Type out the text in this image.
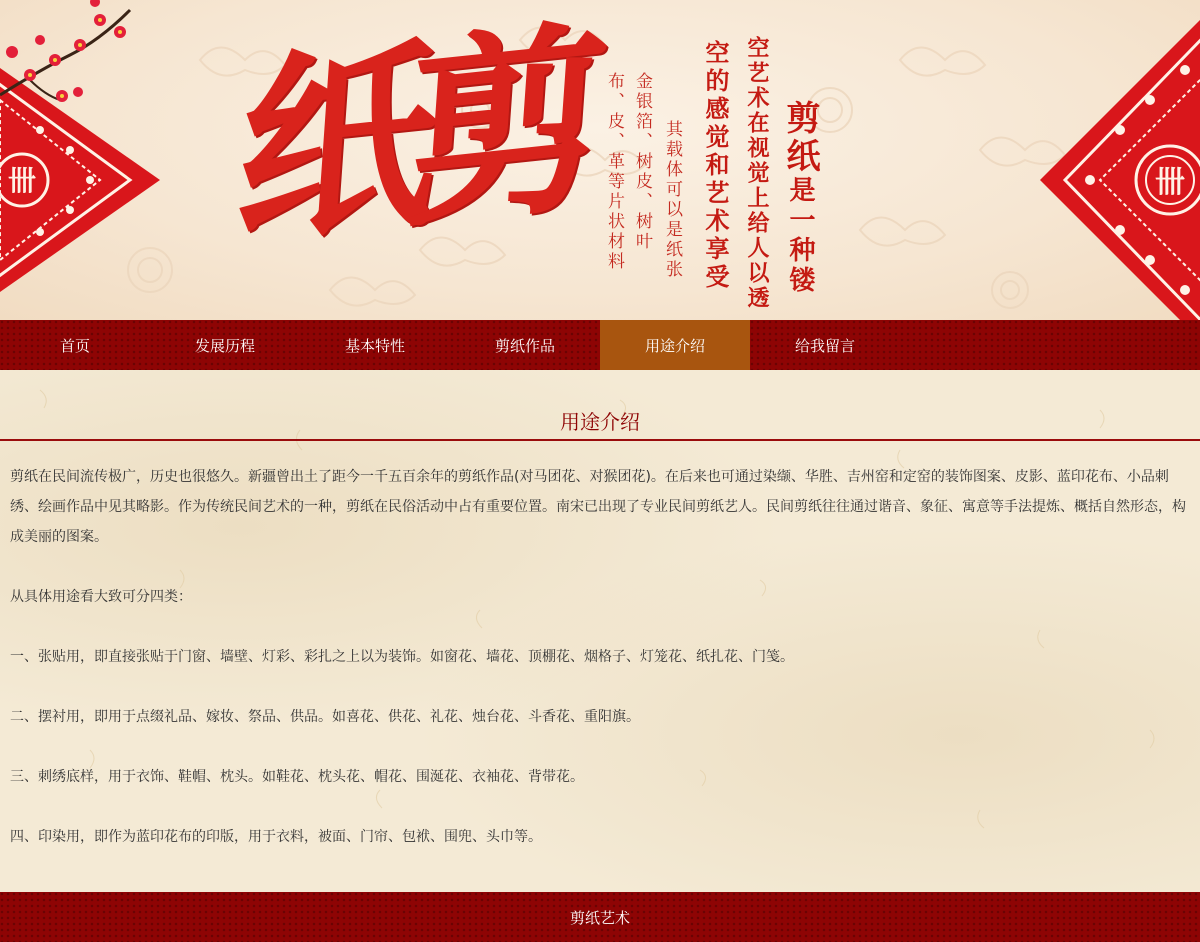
卌	卌
纸剪	剪纸是一种镂
空艺术在视觉上给人以透
空的感觉和艺术享受
其载体可以是纸张
金银箔、树皮、树叶
布、皮、革等片状材料
首页	发展历程	基本特性	剪纸作品	用途介绍	给我留言
用途介绍

剪纸在民间流传极广，历史也很悠久。新疆曾出土了距今一千五百余年的剪纸作品(对马团花、对猴团花)。在后来也可通过染缬、华胜、吉州窑和定窑的装饰图案、皮影、蓝印花布、小品刺绣、绘画作品中见其略影。作为传统民间艺术的一种，剪纸在民俗活动中占有重要位置。南宋已出现了专业民间剪纸艺人。民间剪纸往往通过谐音、象征、寓意等手法提炼、概括自然形态，构成美丽的图案。

从具体用途看大致可分四类：

一、张贴用，即直接张贴于门窗、墙壁、灯彩、彩扎之上以为装饰。如窗花、墙花、顶棚花、烟格子、灯笼花、纸扎花、门笺。

二、摆衬用，即用于点缀礼品、嫁妆、祭品、供品。如喜花、供花、礼花、烛台花、斗香花、重阳旗。

三、刺绣底样，用于衣饰、鞋帽、枕头。如鞋花、枕头花、帽花、围涎花、衣袖花、背带花。

四、印染用，即作为蓝印花布的印版，用于衣料，被面、门帘、包袱、围兜、头巾等。

剪纸艺术
